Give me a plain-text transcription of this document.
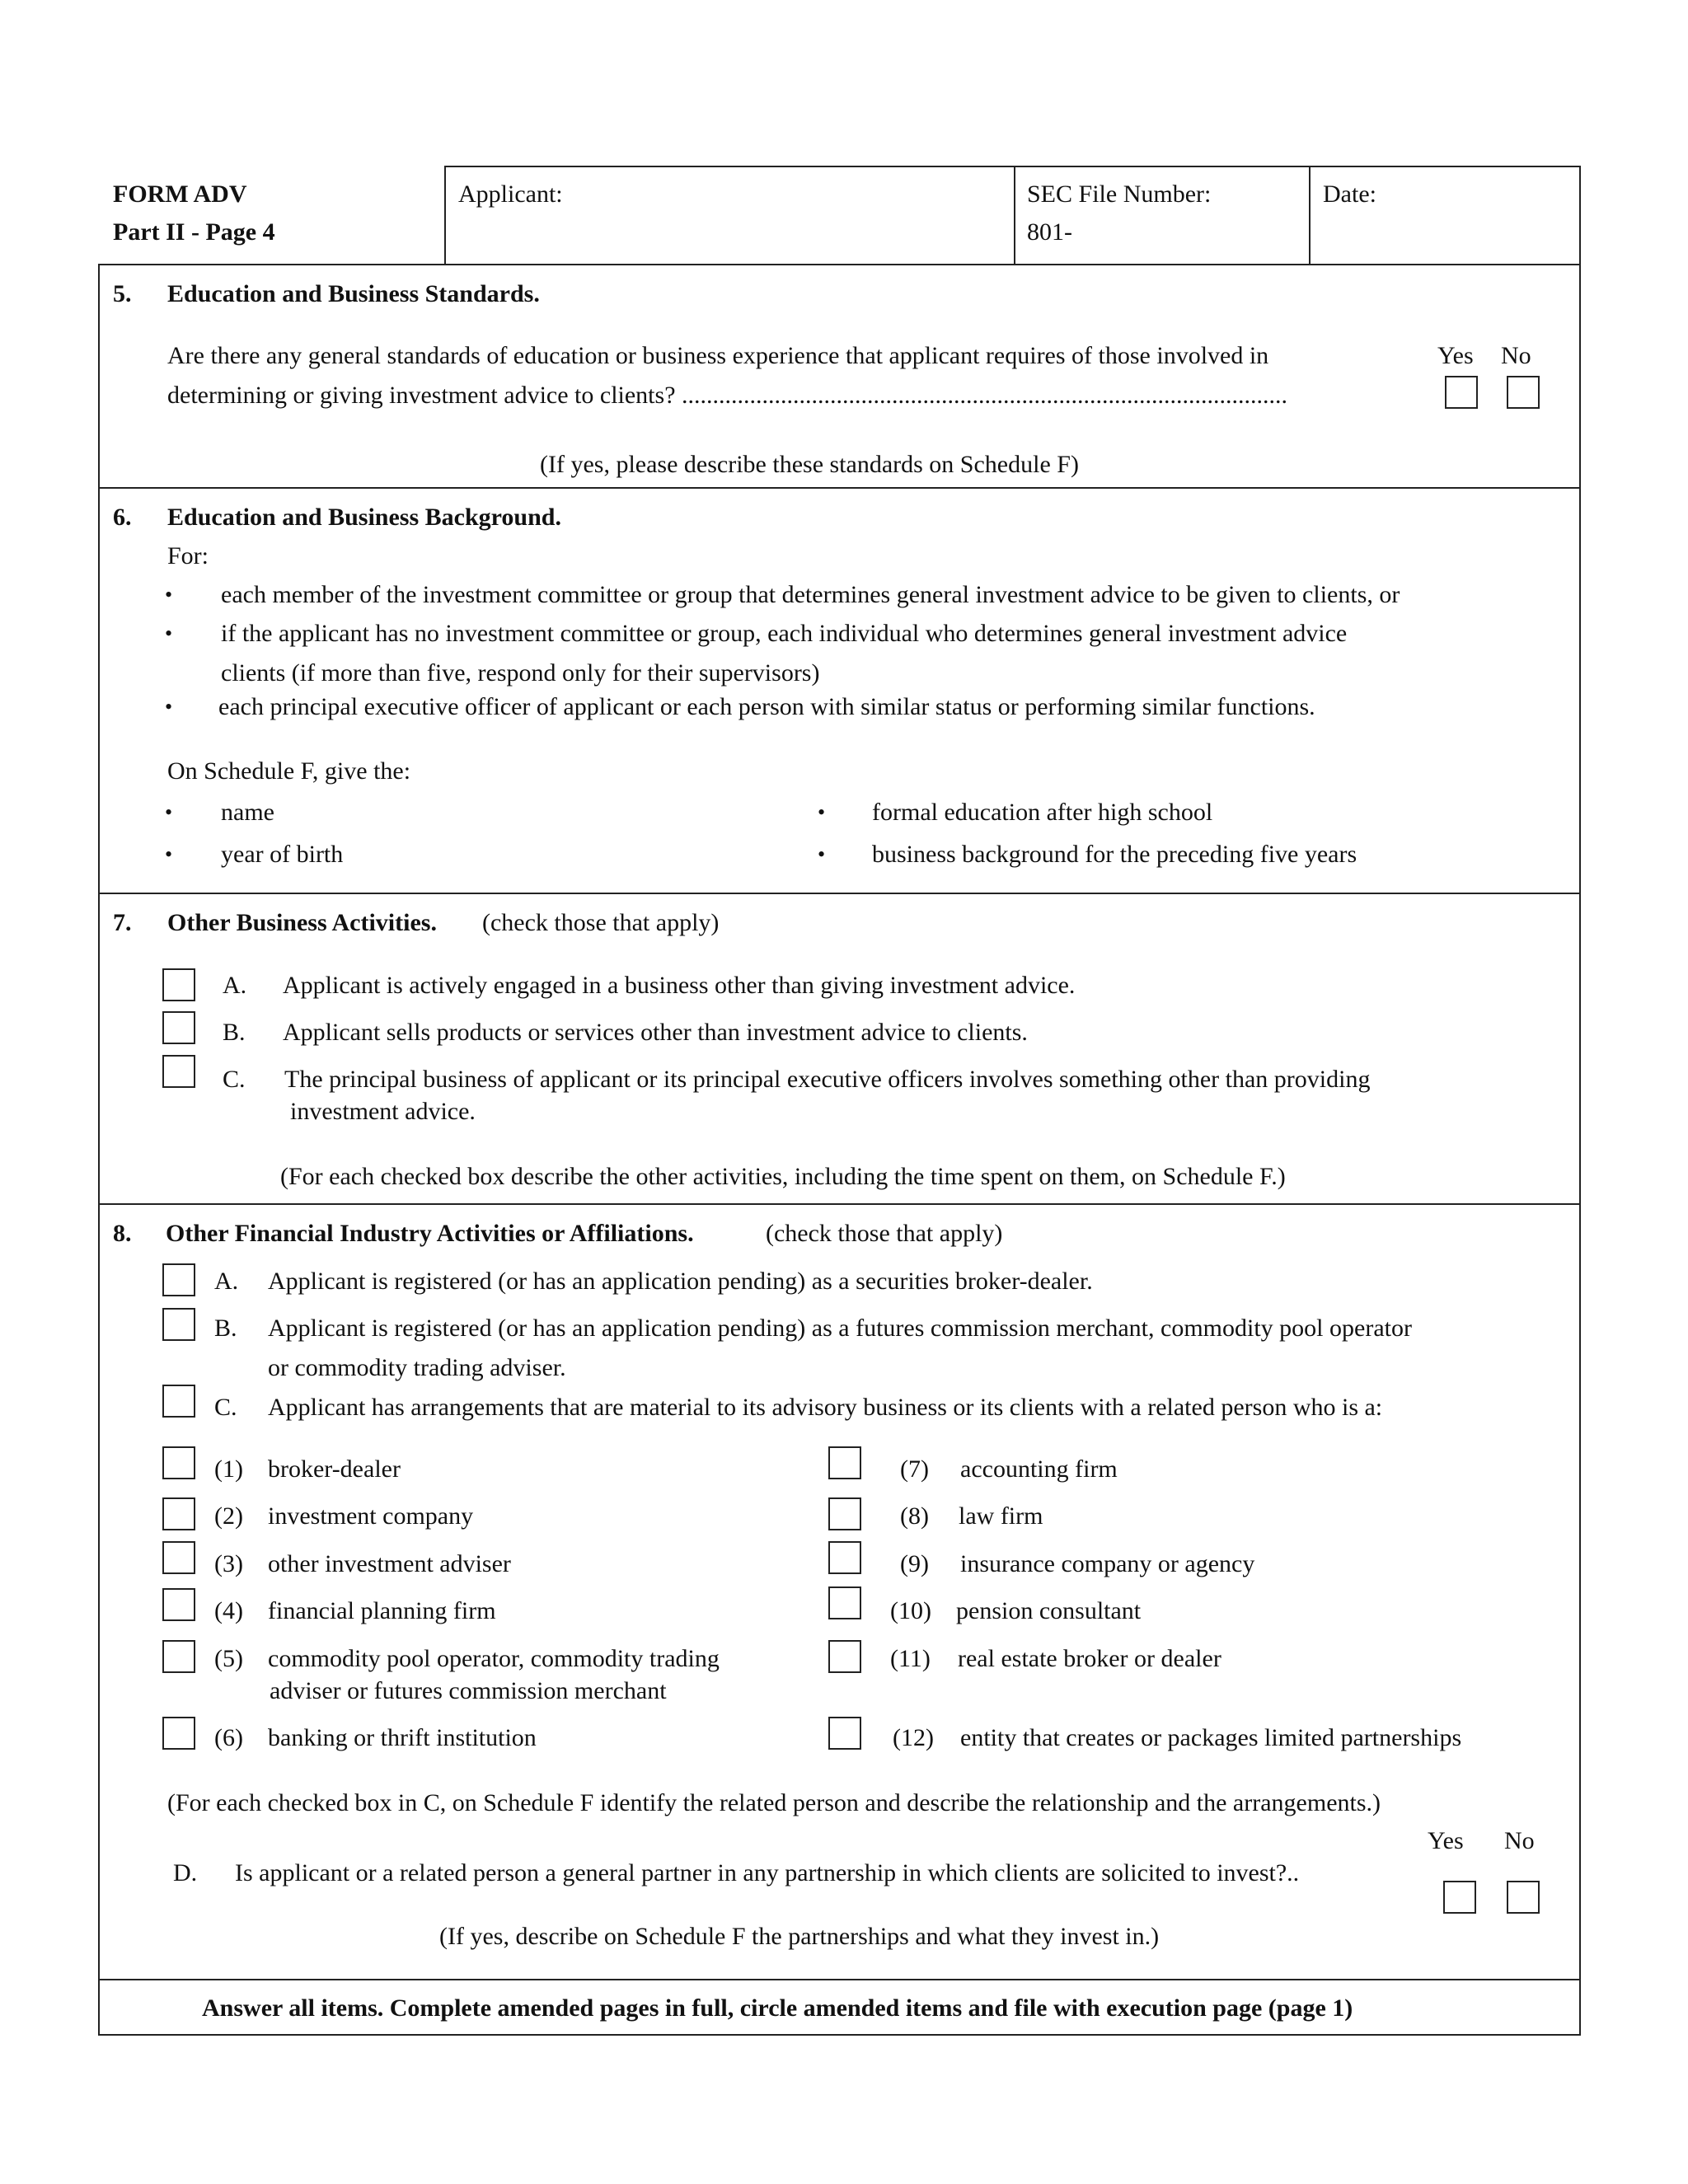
FORM ADV
Part II - Page 4
Applicant:	SEC File Number:
801-
Date:
5. Education and Business Standards.
Are there any general standards of education or business experience that applicant requires of those involved in
determining or giving investment advice to clients? ..................................................................................................
Yes No
(If yes, please describe these standards on Schedule F)
6. Education and Business Background.
For:
• each member of the investment committee or group that determines general investment advice to be given to clients, or
• if the applicant has no investment committee or group, each individual who determines general investment advice
clients (if more than five, respond only for their supervisors)
• each principal executive officer of applicant or each person with similar status or performing similar functions.
On Schedule F, give the:
• name
• year of birth
• formal education after high school
• business background for the preceding five years
7. Other Business Activities. (check those that apply)
A. Applicant is actively engaged in a business other than giving investment advice.
B. Applicant sells products or services other than investment advice to clients.
C. The principal business of applicant or its principal executive officers involves something other than providing
investment advice.
(For each checked box describe the other activities, including the time spent on them, on Schedule F.)
8. Other Financial Industry Activities or Affiliations.	(check those that apply)
A. Applicant is registered (or has an application pending) as a securities broker-dealer.
B. Applicant is registered (or has an application pending) as a futures commission merchant, commodity pool operator
or commodity trading adviser.
C. Applicant has arrangements that are material to its advisory business or its clients with a related person who is a:
(1) broker-dealer
(2) investment company
(3) other investment adviser
(4) financial planning firm
(5) commodity pool operator, commodity trading
adviser or futures commission merchant
(6) banking or thrift institution
(7) accounting firm
(8) law firm
(9) insurance company or agency
(10) pension consultant
(11) real estate broker or dealer
(12) entity that creates or packages limited partnerships
(For each checked box in C, on Schedule F identify the related person and describe the relationship and the arrangements.)
Yes No
D. Is applicant or a related person a general partner in any partnership in which clients are solicited to invest?..
(If yes, describe on Schedule F the partnerships and what they invest in.)
Answer all items. Complete amended pages in full, circle amended items and file with execution page (page 1)
